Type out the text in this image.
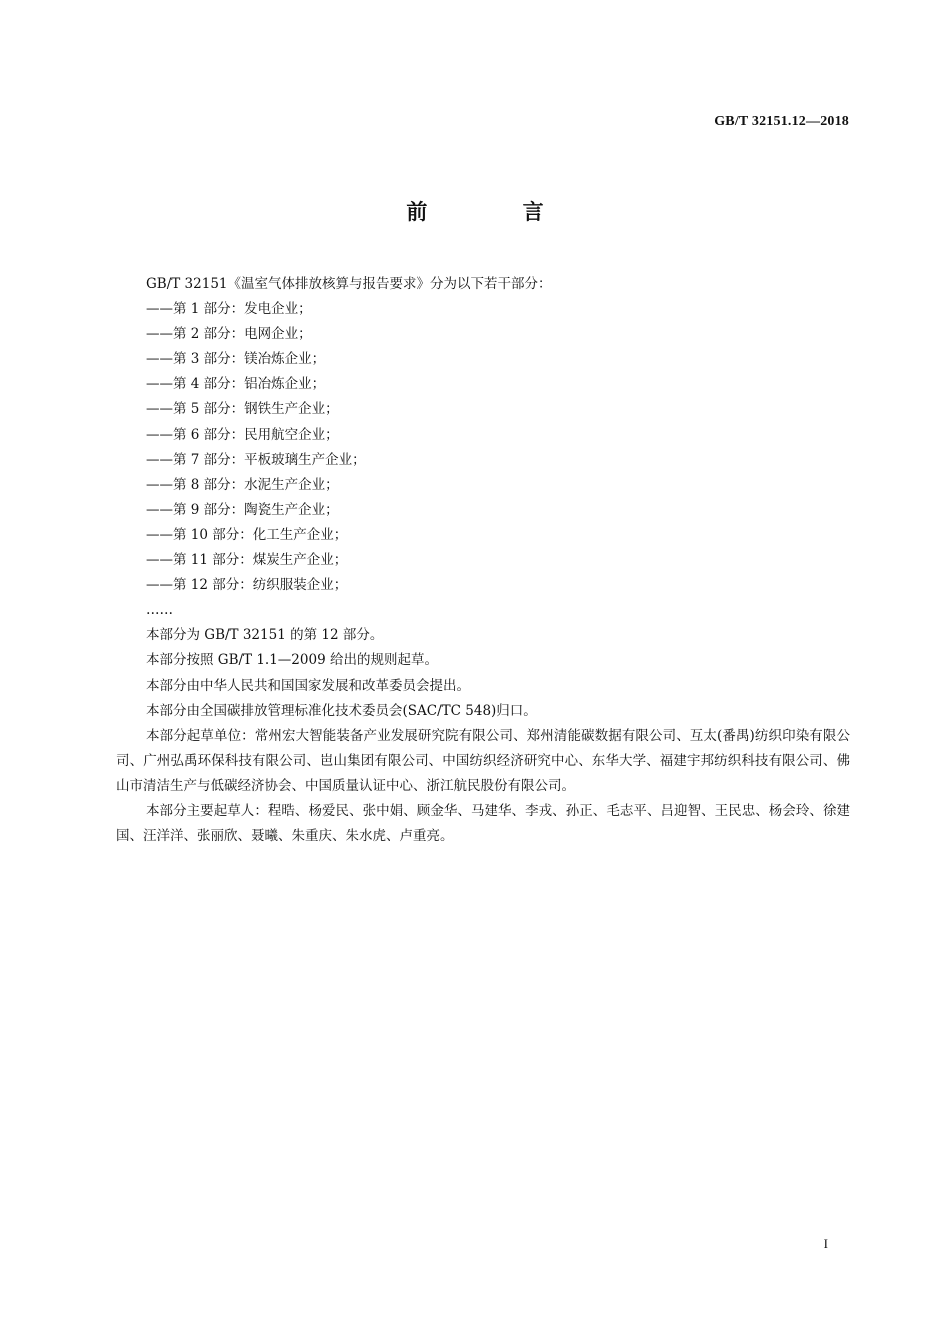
GB/T 32151.12—2018
前 言

GB/T 32151《温室气体排放核算与报告要求》分为以下若干部分：

——第 1 部分：发电企业；

——第 2 部分：电网企业；

——第 3 部分：镁冶炼企业；

——第 4 部分：铝冶炼企业；

——第 5 部分：钢铁生产企业；

——第 6 部分：民用航空企业；

——第 7 部分：平板玻璃生产企业；

——第 8 部分：水泥生产企业；

——第 9 部分：陶瓷生产企业；

——第 10 部分：化工生产企业；

——第 11 部分：煤炭生产企业；

——第 12 部分：纺织服装企业；

……

本部分为 GB/T 32151 的第 12 部分。

本部分按照 GB/T 1.1—2009 给出的规则起草。

本部分由中华人民共和国国家发展和改革委员会提出。

本部分由全国碳排放管理标准化技术委员会(SAC/TC 548)归口。

本部分起草单位：常州宏大智能装备产业发展研究院有限公司、郑州清能碳数据有限公司、互太(番禺)纺织印染有限公司、广州弘禹环保科技有限公司、岜山集团有限公司、中国纺织经济研究中心、东华大学、福建宇邦纺织科技有限公司、佛山市清洁生产与低碳经济协会、中国质量认证中心、浙江航民股份有限公司。

本部分主要起草人：程晧、杨爱民、张中娟、顾金华、马建华、李戎、孙正、毛志平、吕迎智、王民忠、杨会玲、徐建国、汪洋洋、张丽欣、聂曦、朱重庆、朱水虎、卢重亮。

I
